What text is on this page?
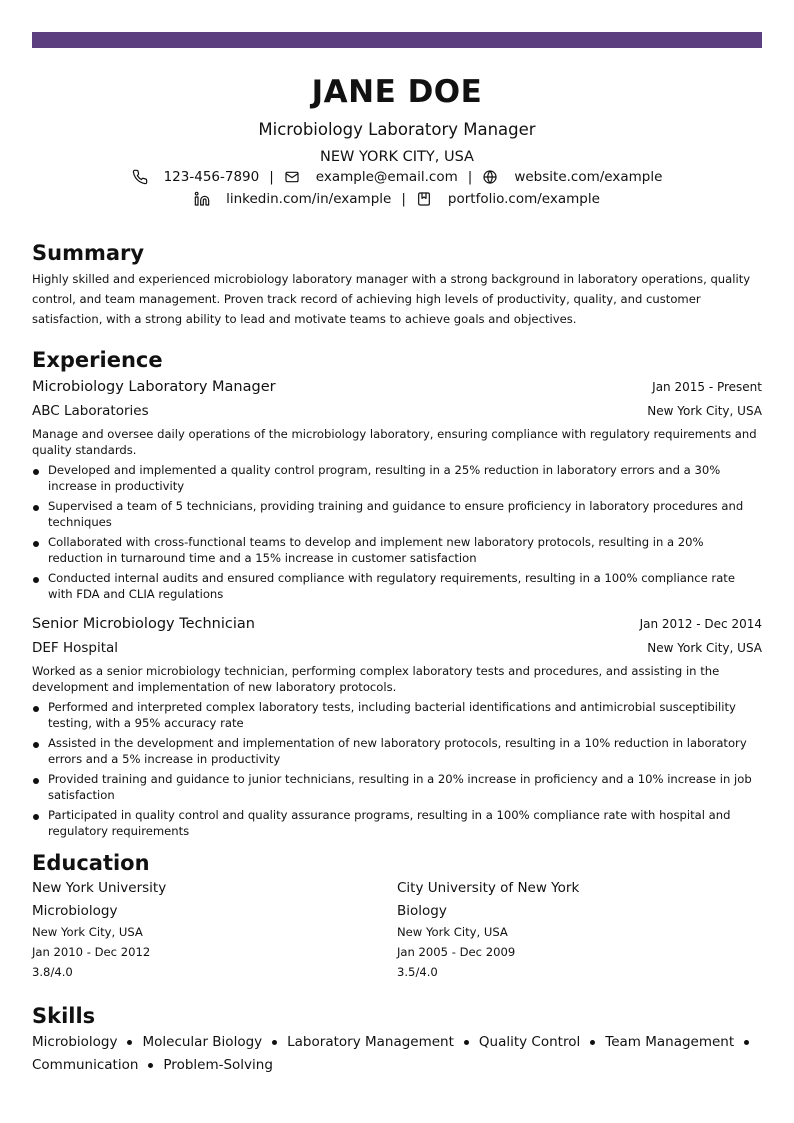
JANE DOE
Microbiology Laboratory Manager
NEW YORK CITY, USA
123-456-7890 |	example@email.com |	website.com/example
linkedin.com/in/example |	portfolio.com/example
Summary
Highly skilled and experienced microbiology laboratory manager with a strong background in laboratory operations, quality control, and team management. Proven track record of achieving high levels of productivity, quality, and customer satisfaction, with a strong ability to lead and motivate teams to achieve goals and objectives.
Experience
Microbiology Laboratory Manager	Jan 2015 - Present
ABC Laboratories	New York City, USA
Manage and oversee daily operations of the microbiology laboratory, ensuring compliance with regulatory requirements and quality standards.
Developed and implemented a quality control program, resulting in a 25% reduction in laboratory errors and a 30% increase in productivity
Supervised a team of 5 technicians, providing training and guidance to ensure proficiency in laboratory procedures and techniques
Collaborated with cross-functional teams to develop and implement new laboratory protocols, resulting in a 20% reduction in turnaround time and a 15% increase in customer satisfaction
Conducted internal audits and ensured compliance with regulatory requirements, resulting in a 100% compliance rate with FDA and CLIA regulations
Senior Microbiology Technician	Jan 2012 - Dec 2014
DEF Hospital	New York City, USA
Worked as a senior microbiology technician, performing complex laboratory tests and procedures, and assisting in the development and implementation of new laboratory protocols.
Performed and interpreted complex laboratory tests, including bacterial identifications and antimicrobial susceptibility testing, with a 95% accuracy rate
Assisted in the development and implementation of new laboratory protocols, resulting in a 10% reduction in laboratory errors and a 5% increase in productivity
Provided training and guidance to junior technicians, resulting in a 20% increase in proficiency and a 10% increase in job satisfaction
Participated in quality control and quality assurance programs, resulting in a 100% compliance rate with hospital and regulatory requirements
Education
New York University
Microbiology
New York City, USA
Jan 2010 - Dec 2012
3.8/4.0
City University of New York
Biology
New York City, USA
Jan 2005 - Dec 2009
3.5/4.0
Skills
Microbiology Molecular Biology Laboratory Management Quality Control Team Management
Communication Problem-Solving
